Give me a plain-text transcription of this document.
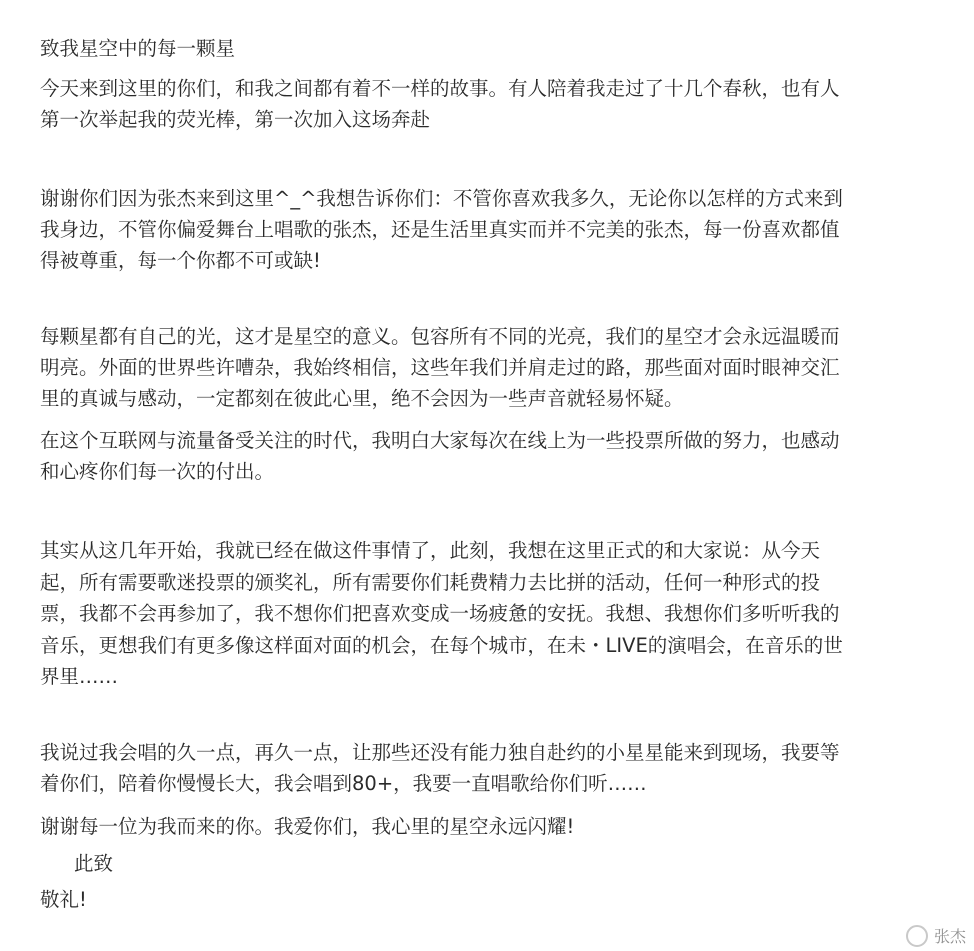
致我星空中的每一颗星
今天来到这里的你们，和我之间都有着不一样的故事。有人陪着我走过了十几个春秋，也有人
第一次举起我的荧光棒，第一次加入这场奔赴
谢谢你们因为张杰来到这里^_^我想告诉你们：不管你喜欢我多久，无论你以怎样的方式来到
我身边，不管你偏爱舞台上唱歌的张杰，还是生活里真实而并不完美的张杰，每一份喜欢都值
得被尊重，每一个你都不可或缺!
每颗星都有自己的光，这才是星空的意义。包容所有不同的光亮，我们的星空才会永远温暖而
明亮。外面的世界些许嘈杂，我始终相信，这些年我们并肩走过的路，那些面对面时眼神交汇
里的真诚与感动，一定都刻在彼此心里，绝不会因为一些声音就轻易怀疑。
在这个互联网与流量备受关注的时代，我明白大家每次在线上为一些投票所做的努力，也感动
和心疼你们每一次的付出。
其实从这几年开始，我就已经在做这件事情了，此刻，我想在这里正式的和大家说：从今天
起，所有需要歌迷投票的颁奖礼，所有需要你们耗费精力去比拼的活动，任何一种形式的投
票，我都不会再参加了，我不想你们把喜欢变成一场疲惫的安抚。我想、我想你们多听听我的
音乐，更想我们有更多像这样面对面的机会，在每个城市，在未・LIVE的演唱会，在音乐的世
界里……
我说过我会唱的久一点，再久一点，让那些还没有能力独自赴约的小星星能来到现场，我要等
着你们，陪着你慢慢长大，我会唱到80+，我要一直唱歌给你们听……
谢谢每一位为我而来的你。我爱你们，我心里的星空永远闪耀!
此致
敬礼!
张杰
